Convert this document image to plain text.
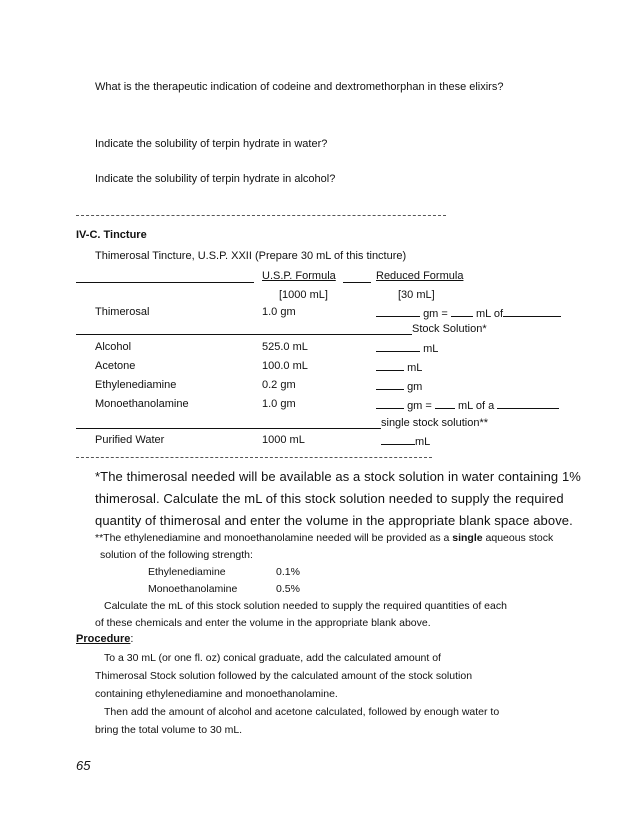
What is the therapeutic indication of codeine and dextromethorphan in these elixirs?
Indicate the solubility of terpin hydrate in water?
Indicate the solubility of terpin hydrate in alcohol?
IV-C. Tincture
Thimerosal Tincture, U.S.P. XXII (Prepare 30 mL of this tincture)
U.S.P. Formula	Reduced Formula
[1000 mL]	[30 mL]
Thimerosal	1.0 gm	gm =	mL of
Stock Solution*
Alcohol	525.0 mL	mL
Acetone	100.0 mL	mL
Ethylenediamine	0.2 gm	gm
Monoethanolamine	1.0 gm	gm = mL of a
single stock solution**
Purified Water	1000 mL	mL
*The thimerosal needed will be available as a stock solution in water containing 1%
thimerosal. Calculate the mL of this stock solution needed to supply the required
quantity of thimerosal and enter the volume in the appropriate blank space above.
**The ethylenediamine and monoethanolamine needed will be provided as a single aqueous stock
solution of the following strength:
Ethylenediamine	0.1%
Monoethanolamine	0.5%
Calculate the mL of this stock solution needed to supply the required quantities of each
of these chemicals and enter the volume in the appropriate blank above.
Procedure:
To a 30 mL (or one fl. oz) conical graduate, add the calculated amount of
Thimerosal Stock solution followed by the calculated amount of the stock solution
containing ethylenediamine and monoethanolamine.
Then add the amount of alcohol and acetone calculated, followed by enough water to
bring the total volume to 30 mL.
65
